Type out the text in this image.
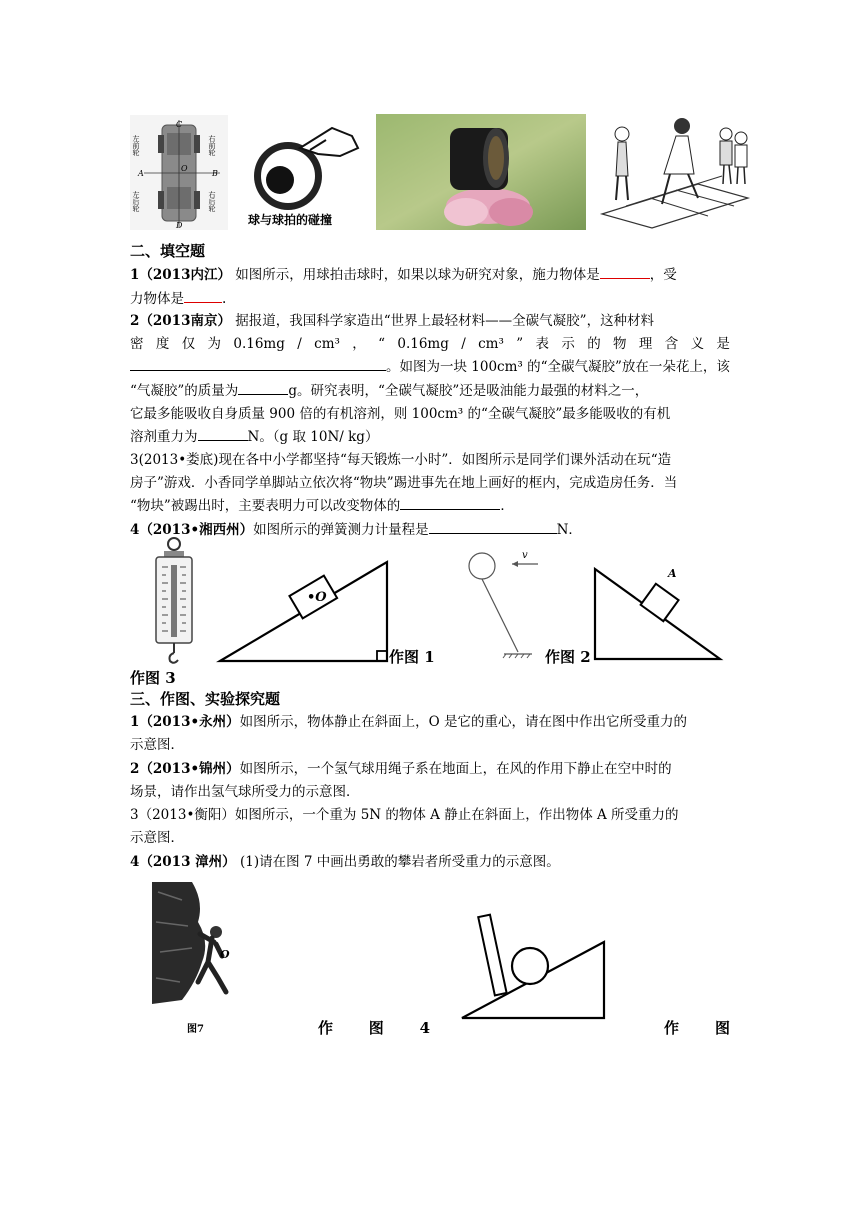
C
左前轮	右前轮
A
O
B
左后轮	右后轮
D	球与球拍的碰撞
二、填空题
1（2013内江） 如图所示，用球拍击球时，如果以球为研究对象，施力物体是	，受
力物体是	.
2（2013南京） 据报道，我国科学家造出“世界上最轻材料——全碳气凝胶”，这种材料
密 度 仅 为 0.16mg / cm³ ， “ 0.16mg / cm³ ” 表 示 的 物 理 含 义 是
。如图为一块 100cm³ 的“全碳气凝胶”放在一朵花上，该
“气凝胶”的质量为	g。研究表明，“全碳气凝胶”还是吸油能力最强的材料之一，
它最多能吸收自身质量 900 倍的有机溶剂，则 100cm³ 的“全碳气凝胶”最多能吸收的有机
溶剂重力为	N。（g 取 10N/ kg）
3(2013•娄底)现在各中小学都坚持“每天锻炼一小时”．如图所示是同学们课外活动在玩“造
房子”游戏．小香同学单脚站立依次将“物块”踢进事先在地上画好的框内，完成造房任务．当
“物块”被踢出时，主要表明力可以改变物体的	．
4（2013•湘西州）如图所示的弹簧测力计量程是	N．
•O
作图 1
v
作图 2
A
作图 3
三、作图、实验探究题
1（2013•永州）如图所示，物体静止在斜面上，O 是它的重心，请在图中作出它所受重力的
示意图．
2（2013•锦州）如图所示，一个氢气球用绳子系在地面上，在风的作用下静止在空中时的
场景，请作出氢气球所受力的示意图．
3（2013•衡阳）如图所示，一个重为 5N 的物体 A 静止在斜面上，作出物体 A 所受重力的
示意图．
4（2013 漳州） (1)请在图 7 中画出勇敢的攀岩者所受重力的示意图。
O
图7	作 图 4	作 图
